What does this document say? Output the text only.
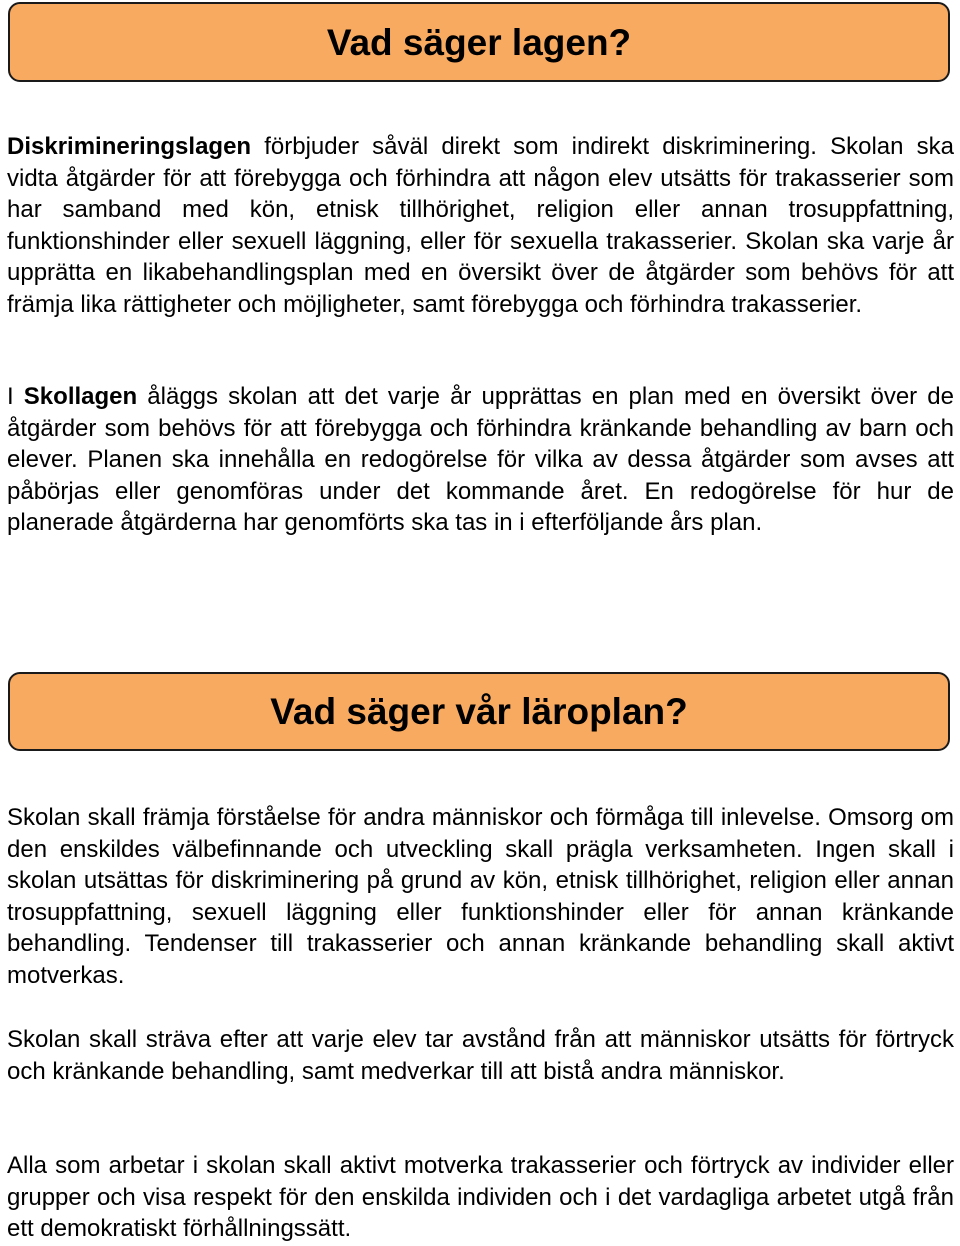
Vad säger lagen?

Diskrimineringslagen förbjuder såväl direkt som indirekt diskriminering. Skolan ska vidta åtgärder för att förebygga och förhindra att någon elev utsätts för trakasserier som har samband med kön, etnisk tillhörighet, religion eller annan trosuppfattning, funktionshinder eller sexuell läggning, eller för sexuella trakasserier. Skolan ska varje år upprätta en likabehandlingsplan med en översikt över de åtgärder som behövs för att främja lika rättigheter och möjligheter, samt förebygga och förhindra trakasserier.

I Skollagen åläggs skolan att det varje år upprättas en plan med en översikt över de åtgärder som behövs för att förebygga och förhindra kränkande behandling av barn och elever. Planen ska innehålla en redogörelse för vilka av dessa åtgärder som avses att påbörjas eller genomföras under det kommande året. En redogörelse för hur de planerade åtgärderna har genomförts ska tas in i efterföljande års plan.

Vad säger vår läroplan?

Skolan skall främja förståelse för andra människor och förmåga till inlevelse. Omsorg om den enskildes välbefinnande och utveckling skall prägla verksamheten. Ingen skall i skolan utsättas för diskriminering på grund av kön, etnisk tillhörighet, religion eller annan trosuppfattning, sexuell läggning eller funktionshinder eller för annan kränkande behandling. Tendenser till trakasserier och annan kränkande behandling skall aktivt motverkas.

Skolan skall sträva efter att varje elev tar avstånd från att människor utsätts för förtryck och kränkande behandling, samt medverkar till att bistå andra människor.

Alla som arbetar i skolan skall aktivt motverka trakasserier och förtryck av individer eller grupper och visa respekt för den enskilda individen och i det vardagliga arbetet utgå från ett demokratiskt förhållningssätt.
